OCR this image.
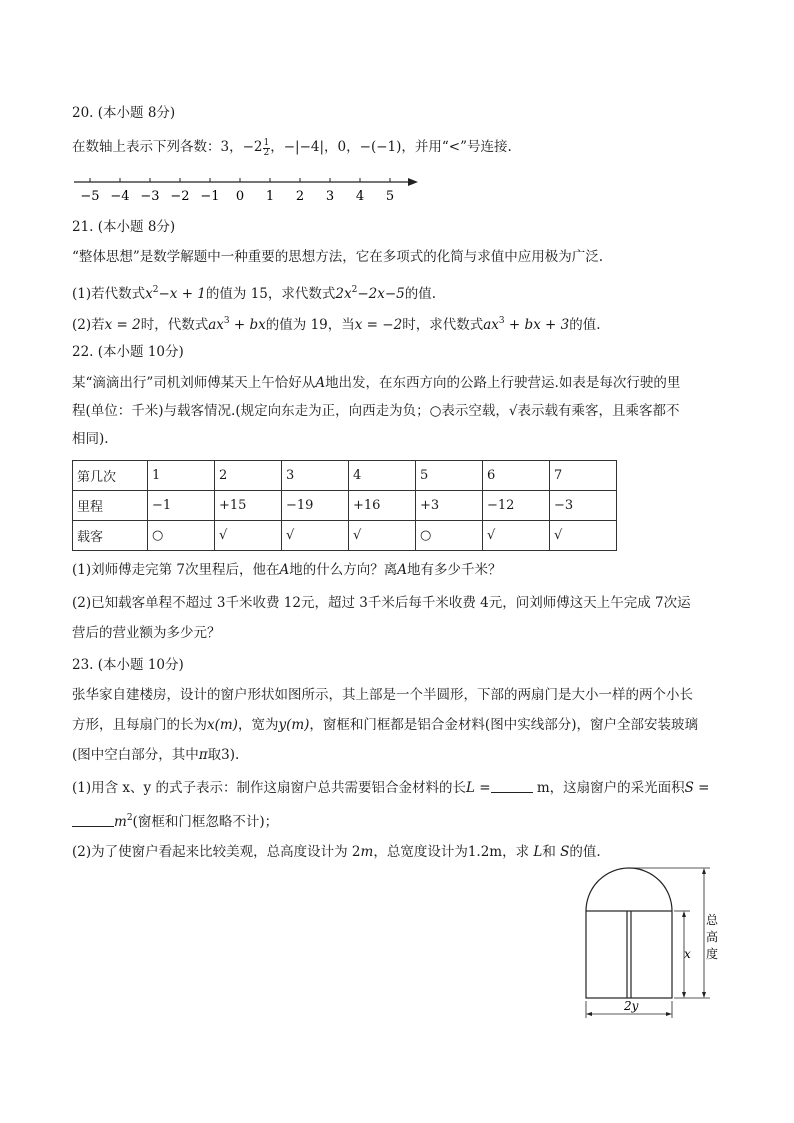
20. (本小题 8分)
在数轴上表示下列各数：3，$-2 \frac{1}{2}$ ，−|−4|，0，−(−1)，并用“<”号连接.
−5 −4 −3 −2 −1 0 1 2 3 4 5
21. (本小题 8分)
“整体思想”是数学解题中一种重要的思想方法，它在多项式的化简与求值中应用极为广泛.
(1)若代数式$x^2-x + 1$的值为 15，求代数式$2x^2-2x-5$的值.
(2)若x = 2时，代数式$ax^3$ + bx的值为 19，当x = −2时，求代数式$ax^3$ + bx + 3的值.
22. (本小题 10分)
某“滴滴出行”司机刘师傅某天上午恰好从A地出发，在东西方向的公路上行驶营运.如表是每次行驶的里
程(单位：千米)与载客情况.(规定向东走为正，向西走为负；○表示空载，√表示载有乘客，且乘客都不
相同).
第几次	1	2	3	4	5	6	7
里程	−1	+15	−19	+16	+3	−12	−3
载客	○	√	√	√	○	√	√
(1)刘师傅走完第 7次里程后，他在A地的什么方向？离A地有多少千米？
(2)已知载客单程不超过 3千米收费 12元，超过 3千米后每千米收费 4元，问刘师傅这天上午完成 7次运
营后的营业额为多少元？
23. (本小题 10分)
张华家自建楼房，设计的窗户形状如图所示，其上部是一个半圆形，下部的两扇门是大小一样的两个小长
方形，且每扇门的长为x(m)，宽为y(m)，窗框和门框都是铝合金材料(图中实线部分)，窗户全部安装玻璃
(图中空白部分，其中π取3).
(1)用含 x、y 的式子表示：制作这扇窗户总共需要铝合金材料的长L =	m，这扇窗户的采光面积S =
$m^2$(窗框和门框忽略不计)；
(2)为了使窗户看起来比较美观，总高度设计为 2m，总宽度设计为1.2m，求 L和 S的值.
2y
x
总
高
度
